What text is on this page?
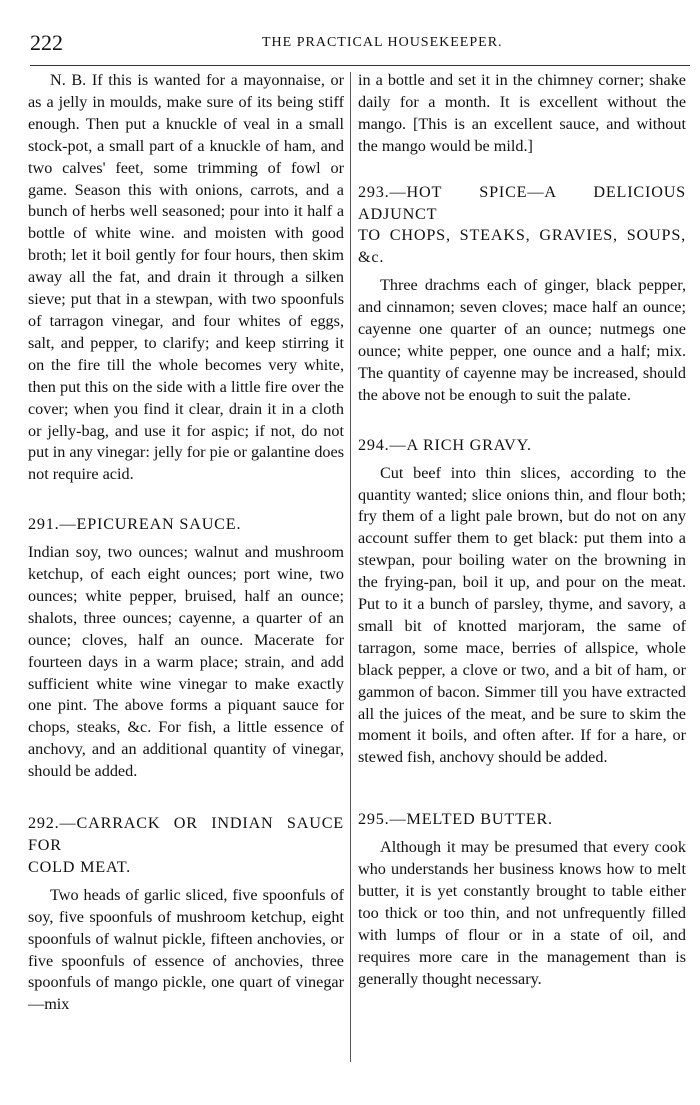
222	THE PRACTICAL HOUSEKEEPER.

N. B. If this is wanted for a mayonnaise, or as a jelly in moulds, make sure of its being stiff enough. Then put a knuckle of veal in a small stock-pot, a small part of a knuckle of ham, and two calves' feet, some trimming of fowl or game. Season this with onions, carrots, and a bunch of herbs well seasoned; pour into it half a bottle of white wine. and moisten with good broth; let it boil gently for four hours, then skim away all the fat, and drain it through a silken sieve; put that in a stewpan, with two spoonfuls of tarragon vinegar, and four whites of eggs, salt, and pepper, to clarify; and keep stirring it on the fire till the whole becomes very white, then put this on the side with a little fire over the cover; when you find it clear, drain it in a cloth or jelly-bag, and use it for aspic; if not, do not put in any vinegar: jelly for pie or galantine does not require acid.

291.—EPICUREAN SAUCE.

Indian soy, two ounces; walnut and mushroom ketchup, of each eight ounces; port wine, two ounces; white pepper, bruised, half an ounce; shalots, three ounces; cayenne, a quarter of an ounce; cloves, half an ounce. Macerate for fourteen days in a warm place; strain, and add sufficient white wine vinegar to make exactly one pint. The above forms a piquant sauce for chops, steaks, &c. For fish, a little essence of anchovy, and an additional quantity of vinegar, should be added.

292.—CARRACK OR INDIAN SAUCE FOR

COLD MEAT.

Two heads of garlic sliced, five spoonfuls of soy, five spoonfuls of mushroom ketchup, eight spoonfuls of walnut pickle, fifteen anchovies, or five spoonfuls of essence of anchovies, three spoonfuls of mango pickle, one quart of vinegar—mix

in a bottle and set it in the chimney corner; shake daily for a month. It is excellent without the mango. [This is an excellent sauce, and without the mango would be mild.]

293.—HOT SPICE—A DELICIOUS ADJUNCT

TO CHOPS, STEAKS, GRAVIES, SOUPS, &c.

Three drachms each of ginger, black pepper, and cinnamon; seven cloves; mace half an ounce; cayenne one quarter of an ounce; nutmegs one ounce; white pepper, one ounce and a half; mix. The quantity of cayenne may be increased, should the above not be enough to suit the palate.

294.—A RICH GRAVY.

Cut beef into thin slices, according to the quantity wanted; slice onions thin, and flour both; fry them of a light pale brown, but do not on any account suffer them to get black: put them into a stewpan, pour boiling water on the browning in the frying-pan, boil it up, and pour on the meat. Put to it a bunch of parsley, thyme, and savory, a small bit of knotted marjoram, the same of tarragon, some mace, berries of allspice, whole black pepper, a clove or two, and a bit of ham, or gammon of bacon. Simmer till you have extracted all the juices of the meat, and be sure to skim the moment it boils, and often after. If for a hare, or stewed fish, anchovy should be added.

295.—MELTED BUTTER.

Although it may be presumed that every cook who understands her business knows how to melt butter, it is yet constantly brought to table either too thick or too thin, and not unfrequently filled with lumps of flour or in a state of oil, and requires more care in the management than is generally thought necessary.
